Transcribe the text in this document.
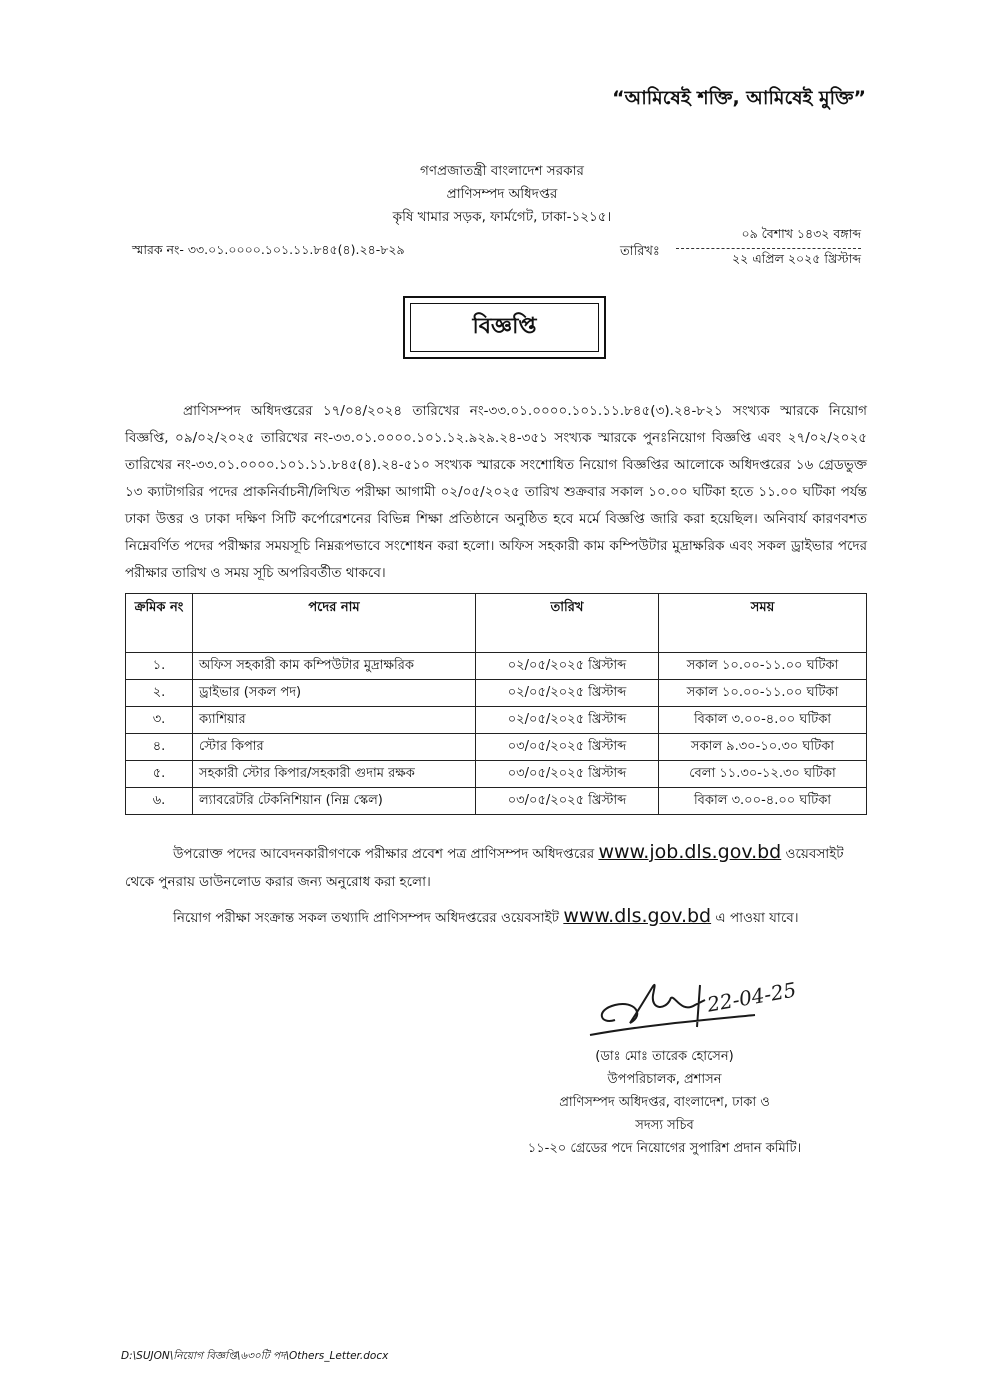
“আমিষেই শক্তি, আমিষেই মুক্তি”
গণপ্রজাতন্ত্রী বাংলাদেশ সরকার
প্রাণিসম্পদ অধিদপ্তর
কৃষি খামার সড়ক, ফার্মগেট, ঢাকা-১২১৫।
স্মারক নং- ৩৩.০১.০০০০.১০১.১১.৮৪৫(৪).২৪-৮২৯	তারিখঃ
০৯ বৈশাখ ১৪৩২ বঙ্গাব্দ
২২ এপ্রিল ২০২৫ খ্রিস্টাব্দ
বিজ্ঞপ্তি
প্রাণিসম্পদ অধিদপ্তরের ১৭/০৪/২০২৪ তারিখের নং-৩৩.০১.০০০০.১০১.১১.৮৪৫(৩).২৪-৮২১ সংখ্যক স্মারকে নিয়োগ বিজ্ঞপ্তি, ০৯/০২/২০২৫ তারিখের নং-৩৩.০১.০০০০.১০১.১২.৯২৯.২৪-৩৫১ সংখ্যক স্মারকে পুনঃনিয়োগ বিজ্ঞপ্তি এবং ২৭/০২/২০২৫ তারিখের নং-৩৩.০১.০০০০.১০১.১১.৮৪৫(৪).২৪-৫১০ সংখ্যক স্মারকে সংশোধিত নিয়োগ বিজ্ঞপ্তির আলোকে অধিদপ্তরের ১৬ গ্রেডভুক্ত ১৩ ক্যাটাগরির পদের প্রাকনির্বাচনী/লিখিত পরীক্ষা আগামী ০২/০৫/২০২৫ তারিখ শুক্রবার সকাল ১০.০০ ঘটিকা হতে ১১.০০ ঘটিকা পর্যন্ত ঢাকা উত্তর ও ঢাকা দক্ষিণ সিটি কর্পোরেশনের বিভিন্ন শিক্ষা প্রতিষ্ঠানে অনুষ্ঠিত হবে মর্মে বিজ্ঞপ্তি জারি করা হয়েছিল। অনিবার্য কারণবশত নিম্নেবর্ণিত পদের পরীক্ষার সময়সূচি নিম্নরূপভাবে সংশোধন করা হলো। অফিস সহকারী কাম কম্পিউটার মুদ্রাক্ষরিক এবং সকল ড্রাইভার পদের পরীক্ষার তারিখ ও সময় সূচি অপরিবর্তীত থাকবে।
ক্রমিক নং	পদের নাম	তারিখ	সময়
১.	অফিস সহকারী কাম কম্পিউটার মুদ্রাক্ষরিক	০২/০৫/২০২৫ খ্রিস্টাব্দ	সকাল ১০.০০-১১.০০ ঘটিকা
২.	ড্রাইভার (সকল পদ)	০২/০৫/২০২৫ খ্রিস্টাব্দ	সকাল ১০.০০-১১.০০ ঘটিকা
৩.	ক্যাশিয়ার	০২/০৫/২০২৫ খ্রিস্টাব্দ	বিকাল ৩.০০-৪.০০ ঘটিকা
৪.	স্টোর কিপার	০৩/০৫/২০২৫ খ্রিস্টাব্দ	সকাল ৯.৩০-১০.৩০ ঘটিকা
৫.	সহকারী স্টোর কিপার/সহকারী গুদাম রক্ষক	০৩/০৫/২০২৫ খ্রিস্টাব্দ	বেলা ১১.৩০-১২.৩০ ঘটিকা
৬.	ল্যাবরেটরি টেকনিশিয়ান (নিম্ন স্কেল)	০৩/০৫/২০২৫ খ্রিস্টাব্দ	বিকাল ৩.০০-৪.০০ ঘটিকা
উপরোক্ত পদের আবেদনকারীগণকে পরীক্ষার প্রবেশ পত্র প্রাণিসম্পদ অধিদপ্তরের www.job.dls.gov.bd ওয়েবসাইট থেকে পুনরায় ডাউনলোড করার জন্য অনুরোধ করা হলো।
নিয়োগ পরীক্ষা সংক্রান্ত সকল তথ্যাদি প্রাণিসম্পদ অধিদপ্তরের ওয়েবসাইট www.dls.gov.bd এ পাওয়া যাবে।
22-04-25
(ডাঃ মোঃ তারেক হোসেন)
উপপরিচালক, প্রশাসন
প্রাণিসম্পদ অধিদপ্তর, বাংলাদেশ, ঢাকা ও
সদস্য সচিব
১১-২০ গ্রেডের পদে নিয়োগের সুপারিশ প্রদান কমিটি।
D:\SUJON\নিয়োগ বিজ্ঞপ্তি\৬৩০টি পদ\Others_Letter.docx
